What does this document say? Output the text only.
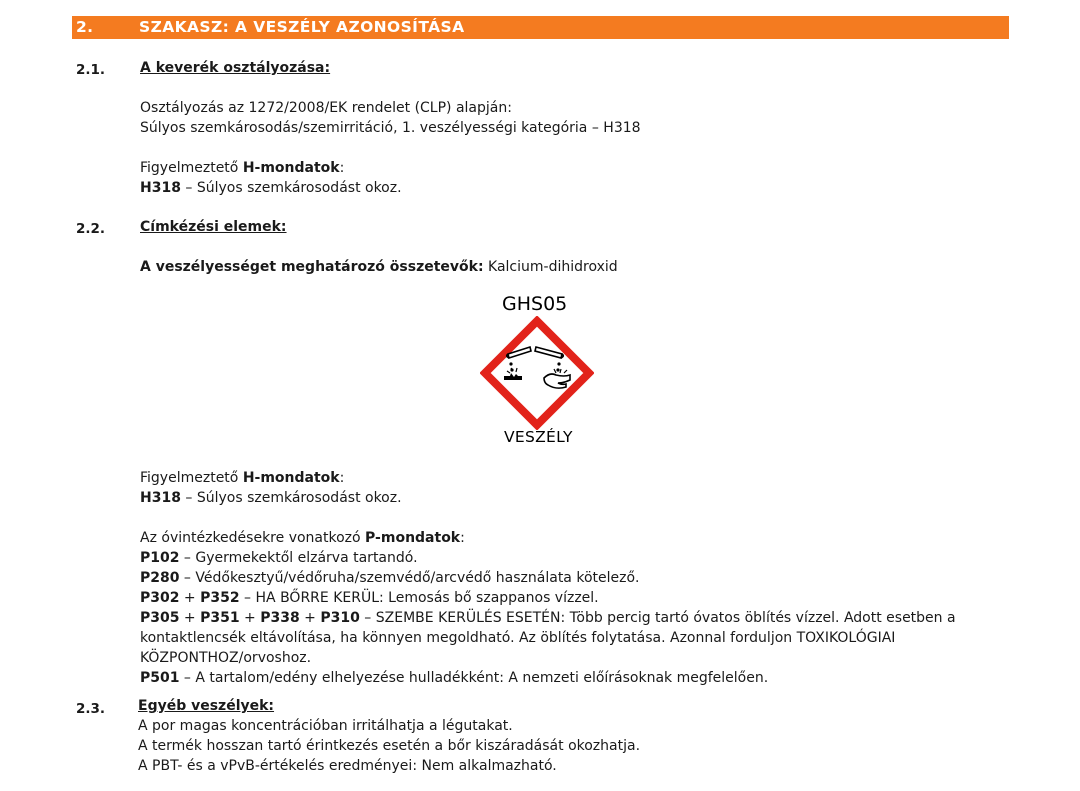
2.	SZAKASZ: A VESZÉLY AZONOSÍTÁSA
2.1. A keverék osztályozása:
Osztályozás az 1272/2008/EK rendelet (CLP) alapján:
Súlyos szemkárosodás/szemirritáció, 1. veszélyességi kategória – H318
Figyelmeztető H-mondatok:
H318 – Súlyos szemkárosodást okoz.
2.2. Címkézési elemek:
A veszélyességet meghatározó összetevők: Kalcium-dihidroxid
GHS05
VESZÉLY
Figyelmeztető H-mondatok:
H318 – Súlyos szemkárosodást okoz.
Az óvintézkedésekre vonatkozó P-mondatok:
P102 – Gyermekektől elzárva tartandó.
P280 – Védőkesztyű/védőruha/szemvédő/arcvédő használata kötelező.
P302 + P352 – HA BŐRRE KERÜL: Lemosás bő szappanos vízzel.
P305 + P351 + P338 + P310 – SZEMBE KERÜLÉS ESETÉN: Több percig tartó óvatos öblítés vízzel. Adott esetben a
kontaktlencsék eltávolítása, ha könnyen megoldható. Az öblítés folytatása. Azonnal forduljon TOXIKOLÓGIAI
KÖZPONTHOZ/orvoshoz.
P501 – A tartalom/edény elhelyezése hulladékként: A nemzeti előírásoknak megfelelően.
2.3. Egyéb veszélyek:
A por magas koncentrációban irritálhatja a légutakat.
A termék hosszan tartó érintkezés esetén a bőr kiszáradását okozhatja.
A PBT- és a vPvB-értékelés eredményei: Nem alkalmazható.
